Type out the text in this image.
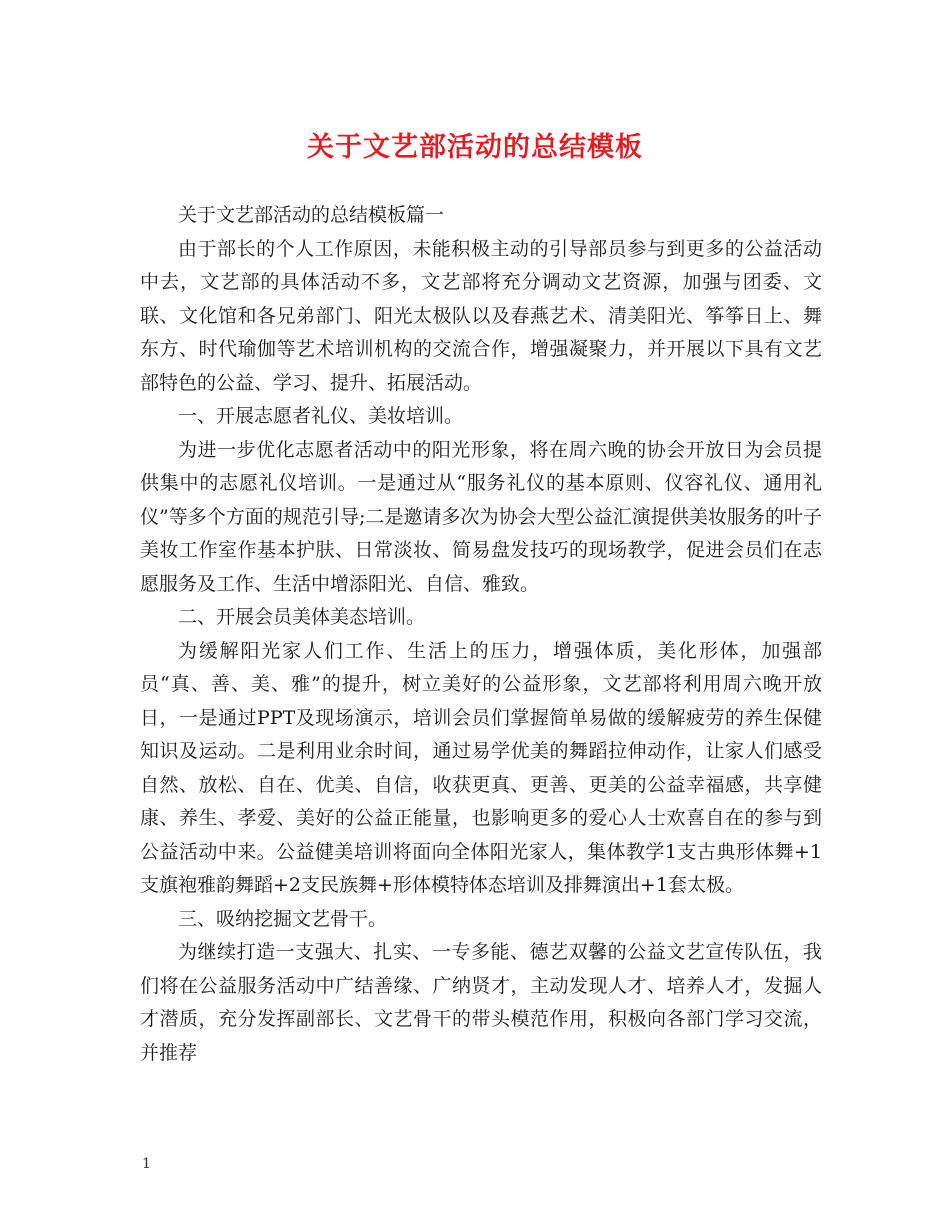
关于文艺部活动的总结模板

关于文艺部活动的总结模板篇一

由于部长的个人工作原因，未能积极主动的引导部员参与到更多的公益活动中去，文艺部的具体活动不多，文艺部将充分调动文艺资源，加强与团委、文联、文化馆和各兄弟部门、阳光太极队以及春燕艺术、清美阳光、筝筝日上、舞东方、时代瑜伽等艺术培训机构的交流合作，增强凝聚力，并开展以下具有文艺部特色的公益、学习、提升、拓展活动。

一、开展志愿者礼仪、美妆培训。

为进一步优化志愿者活动中的阳光形象，将在周六晚的协会开放日为会员提供集中的志愿礼仪培训。一是通过从“服务礼仪的基本原则、仪容礼仪、通用礼仪”等多个方面的规范引导;二是邀请多次为协会大型公益汇演提供美妆服务的叶子美妆工作室作基本护肤、日常淡妆、简易盘发技巧的现场教学，促进会员们在志愿服务及工作、生活中增添阳光、自信、雅致。

二、开展会员美体美态培训。

为缓解阳光家人们工作、生活上的压力，增强体质，美化形体，加强部员“真、善、美、雅”的提升，树立美好的公益形象，文艺部将利用周六晚开放日，一是通过PPT及现场演示，培训会员们掌握简单易做的缓解疲劳的养生保健知识及运动。二是利用业余时间，通过易学优美的舞蹈拉伸动作，让家人们感受自然、放松、自在、优美、自信，收获更真、更善、更美的公益幸福感，共享健康、养生、孝爱、美好的公益正能量，也影响更多的爱心人士欢喜自在的参与到公益活动中来。公益健美培训将面向全体阳光家人，集体教学1支古典形体舞+1支旗袍雅韵舞蹈+2支民族舞+形体模特体态培训及排舞演出+1套太极。

三、吸纳挖掘文艺骨干。

为继续打造一支强大、扎实、一专多能、德艺双馨的公益文艺宣传队伍，我们将在公益服务活动中广结善缘、广纳贤才，主动发现人才、培养人才，发掘人才潜质，充分发挥副部长、文艺骨干的带头模范作用，积极向各部门学习交流，并推荐

1
